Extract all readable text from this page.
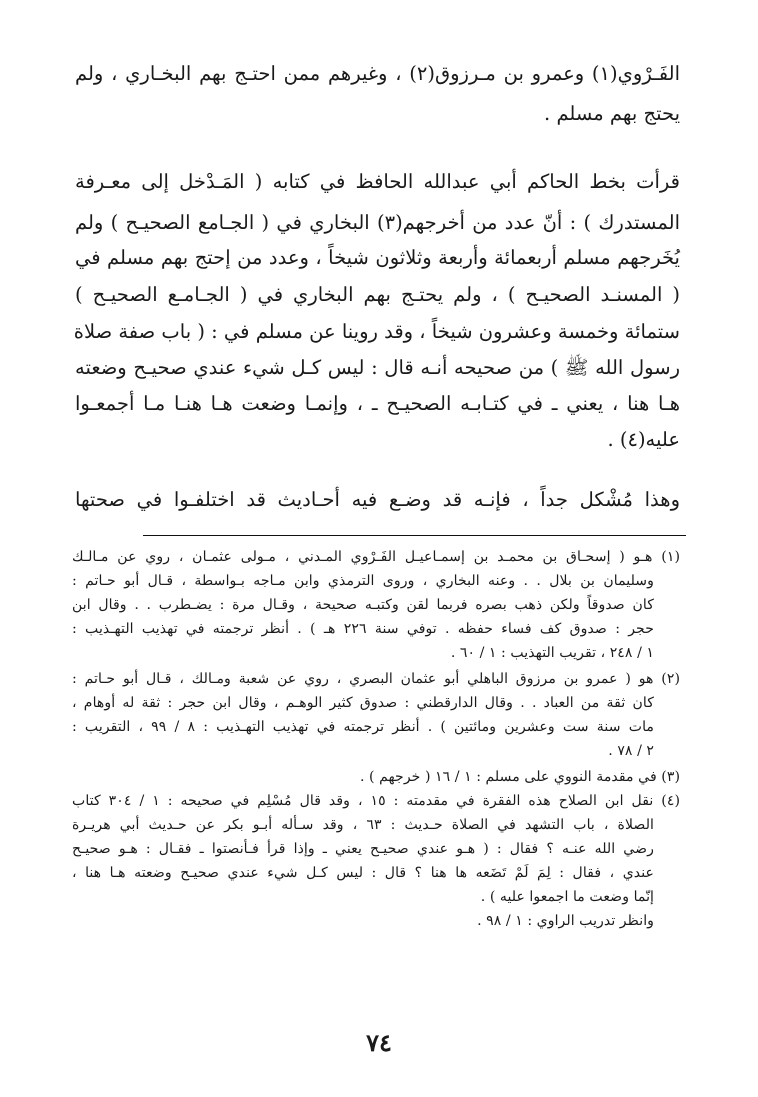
الفَـرْوي(١) وعمرو بن مـرزوق(٢) ، وغيرهم ممن احتـج بهم البخـاري ، ولم
يحتج بهم مسلم .
قرأت بخط الحاكم أبي عبدالله الحافظ في كتابه ( المَـدْخل إلى معـرفة
المستدرك ) : أنّ عدد من أخرجهم(٣) البخاري في ( الجـامع الصحيـح ) ولم
يُخَرجهم مسلم أربعمائة وأربعة وثلاثون شيخاً ، وعدد من إحتج بهم مسلم في
( المسنـد الصحيـح ) ، ولم يحتـج بهم البخاري في ( الجـامـع الصحيـح )
ستمائة وخمسة وعشرون شيخاً ، وقد روينا عن مسلم في : ( باب صفة صلاة
رسول الله ﷺ ) من صحيحه أنـه قال : ليس كـل شيء عندي صحيـح وضعته
هـا هنا ، يعني ـ في كتـابـه الصحيـح ـ ، وإنمـا وضعت هـا هنـا مـا أجمعـوا
عليه(٤) .
وهذا مُشْكل جداً ، فإنـه قد وضـع فيه أحـاديث قد اختلفـوا في صحتها
(١) هـو ( إسحـاق بن محمـد بن إسمـاعيـل الفَـرْوي المـدني ، مـولى عثمـان ، روي عن مـالـك
وسليمان بن بلال . . وعنه البخاري ، وروى الترمذي وابن مـاجه بـواسطة ، قـال أبو حـاتم :
كان صدوقاً ولكن ذهب بصره فربما لقن وكتبـه صحيحة ، وقـال مرة : يضـطرب . . وقال ابن
حجر : صدوق كف فساء حفظه . توفي سنة ٢٢٦ هـ ) . أنظر ترجمته في تهذيب التهـذيب :
١ / ٢٤٨ ، تقريب التهذيب : ١ / ٦٠ .
(٢) هو ( عمرو بن مرزوق الباهلي أبو عثمان البصري ، روي عن شعبة ومـالك ، قـال أبو حـاتم :
كان ثقة من العباد . . وقال الدارقطني : صدوق كثير الوهـم ، وقال ابن حجر : ثقة له أوهام ،
مات سنة ست وعشرين ومائتين ) . أنظر ترجمته في تهذيب التهـذيب : ٨ / ٩٩ ، التقريب :
٢ / ٧٨ .
(٣) في مقدمة النووي على مسلم : ١ / ١٦ ( خرجهم ) .
(٤) نقل ابن الصلاح هذه الفقرة في مقدمته : ١٥ ، وقد قال مُسْلِم في صحيحه : ١ / ٣٠٤ كتاب
الصلاة ، باب التشهد في الصلاة حـديث : ٦٣ ، وقد سـأله أبـو بكر عن حـديث أبي هريـرة
رضي الله عنـه ؟ فقال : ( هـو عندي صحيـح يعني ـ وإذا قرأ فـأنصتوا ـ فقـال : هـو صحيـح
عندي ، فقال : لِمَ لَمْ تَضَعه ها هنا ؟ قال : ليس كـل شيء عندي صحيـح وضعته هـا هنا ،
إنّما وضعت ما اجمعوا عليه ) .
وانظر تدريب الراوي : ١ / ٩٨ .
٧٤
